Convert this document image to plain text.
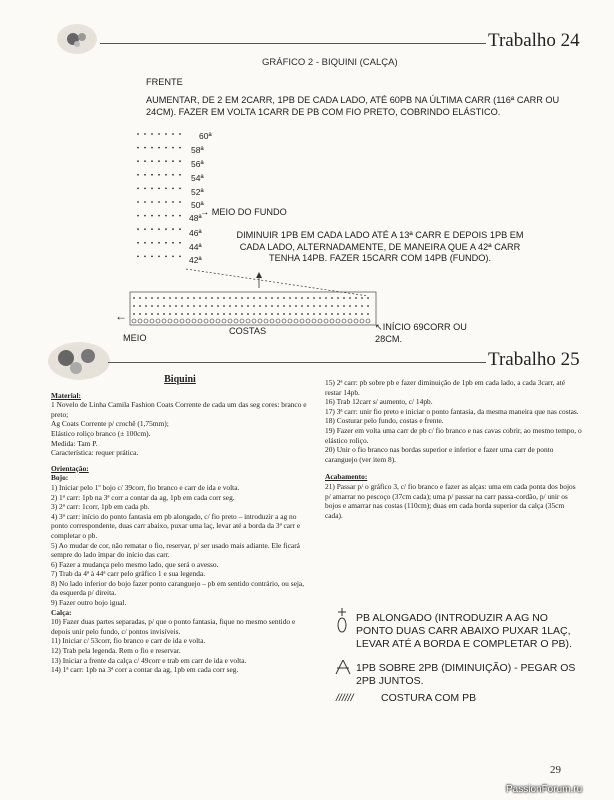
Trabalho 24
GRÁFICO 2 - BIQUINI (CALÇA)
FRENTE
AUMENTAR, DE 2 EM 2CARR, 1PB DE CADA LADO, ATÉ 60PB NA ÚLTIMA CARR (116ª CARR OU 24CM). FAZER EM VOLTA 1CARR DE PB COM FIO PRETO, COBRINDO ELÁSTICO.
60ª
58ª
56ª
54ª
52ª
50ª
48ª
46ª
44ª
42ª
→ MEIO DO FUNDO
DIMINUIR 1PB EM CADA LADO ATÉ A 13ª CARR E DEPOIS 1PB EM CADA LADO, ALTERNADAMENTE, DE MANEIRA QUE A 42ª CARR TENHA 14PB. FAZER 15CARR COM 14PB (FUNDO).
←
MEIO
COSTAS	↖INÍCIO 69CORR OU 28CM.
Trabalho 25

Biquini

Material:

1 Novelo de Linha Camila Fashion Coats Corrente de cada um das seg cores: branco e preto;

Ag Coats Corrente p/ crochê (1,75mm);

Elástico roliço branco (± 100cm).

Medida: Tam P.

Característica: requer prática.

Orientação:

Bojo:

1) Iniciar pelo 1º bojo c/ 39corr, fio branco e carr de ida e volta.

2) 1ª carr: 1pb na 3ª corr a contar da ag, 1pb em cada corr seg.

3) 2ª carr: 1corr, 1pb em cada pb.

4) 3ª carr: início do ponto fantasia em pb alongado, c/ fio preto – introduzir a ag no ponto correspondente, duas carr abaixo, puxar uma laç, levar até a borda da 3ª carr e completar o pb.

5) Ao mudar de cor, não rematar o fio, reservar, p/ ser usado mais adiante. Ele ficará sempre do lado ímpar do início das carr.

6) Fazer a mudança pelo mesmo lado, que será o avesso.

7) Trab da 4ª à 44ª carr pelo gráfico 1 e sua legenda.

8) No lado inferior do bojo fazer ponto caranguejo – pb em sentido contrário, ou seja, da esquerda p/ direita.

9) Fazer outro bojo igual.

Calça:

10) Fazer duas partes separadas, p/ que o ponto fantasia, fique no mesmo sentido e depois unir pelo fundo, c/ pontos invisíveis.

11) Iniciar c/ 53corr, fio branco e carr de ida e volta.

12) Trab pela legenda. Rem o fio e reservar.

13) Iniciar a frente da calça c/ 49corr e trab em carr de ida e volta.

14) 1ª carr: 1pb na 3ª corr a contar da ag, 1pb em cada corr seg.

15) 2ª carr: pb sobre pb e fazer diminuição de 1pb em cada lado, a cada 3carr, até restar 14pb.

16) Trab 12carr s/ aumento, c/ 14pb.

17) 3ª carr: unir fio preto e iniciar o ponto fantasia, da mesma maneira que nas costas.

18) Costurar pelo fundo, costas e frente.

19) Fazer em volta uma carr de pb c/ fio branco e nas cavas cobrir, ao mesmo tempo, o elástico roliço.

20) Unir o fio branco nas bordas superior e inferior e fazer uma carr de ponto caranguejo (ver item 8).

Acabamento:

21) Passar p/ o gráfico 3, c/ fio branco e fazer as alças: uma em cada ponta dos bojos p/ amarrar no pescoço (37cm cada); uma p/ passar na carr passa-cordão, p/ unir os bojos e amarrar nas costas (110cm); duas em cada borda superior da calça (35cm cada).

PB ALONGADO (INTRODUZIR A AG NO PONTO DUAS CARR ABAIXO PUXAR 1LAÇ, LEVAR ATÉ A BORDA E COMPLETAR O PB).
1PB SOBRE 2PB (DIMINUIÇÃO) - PEGAR OS 2PB JUNTOS.
//////	COSTURA COM PB
29
PassionForum.ru
